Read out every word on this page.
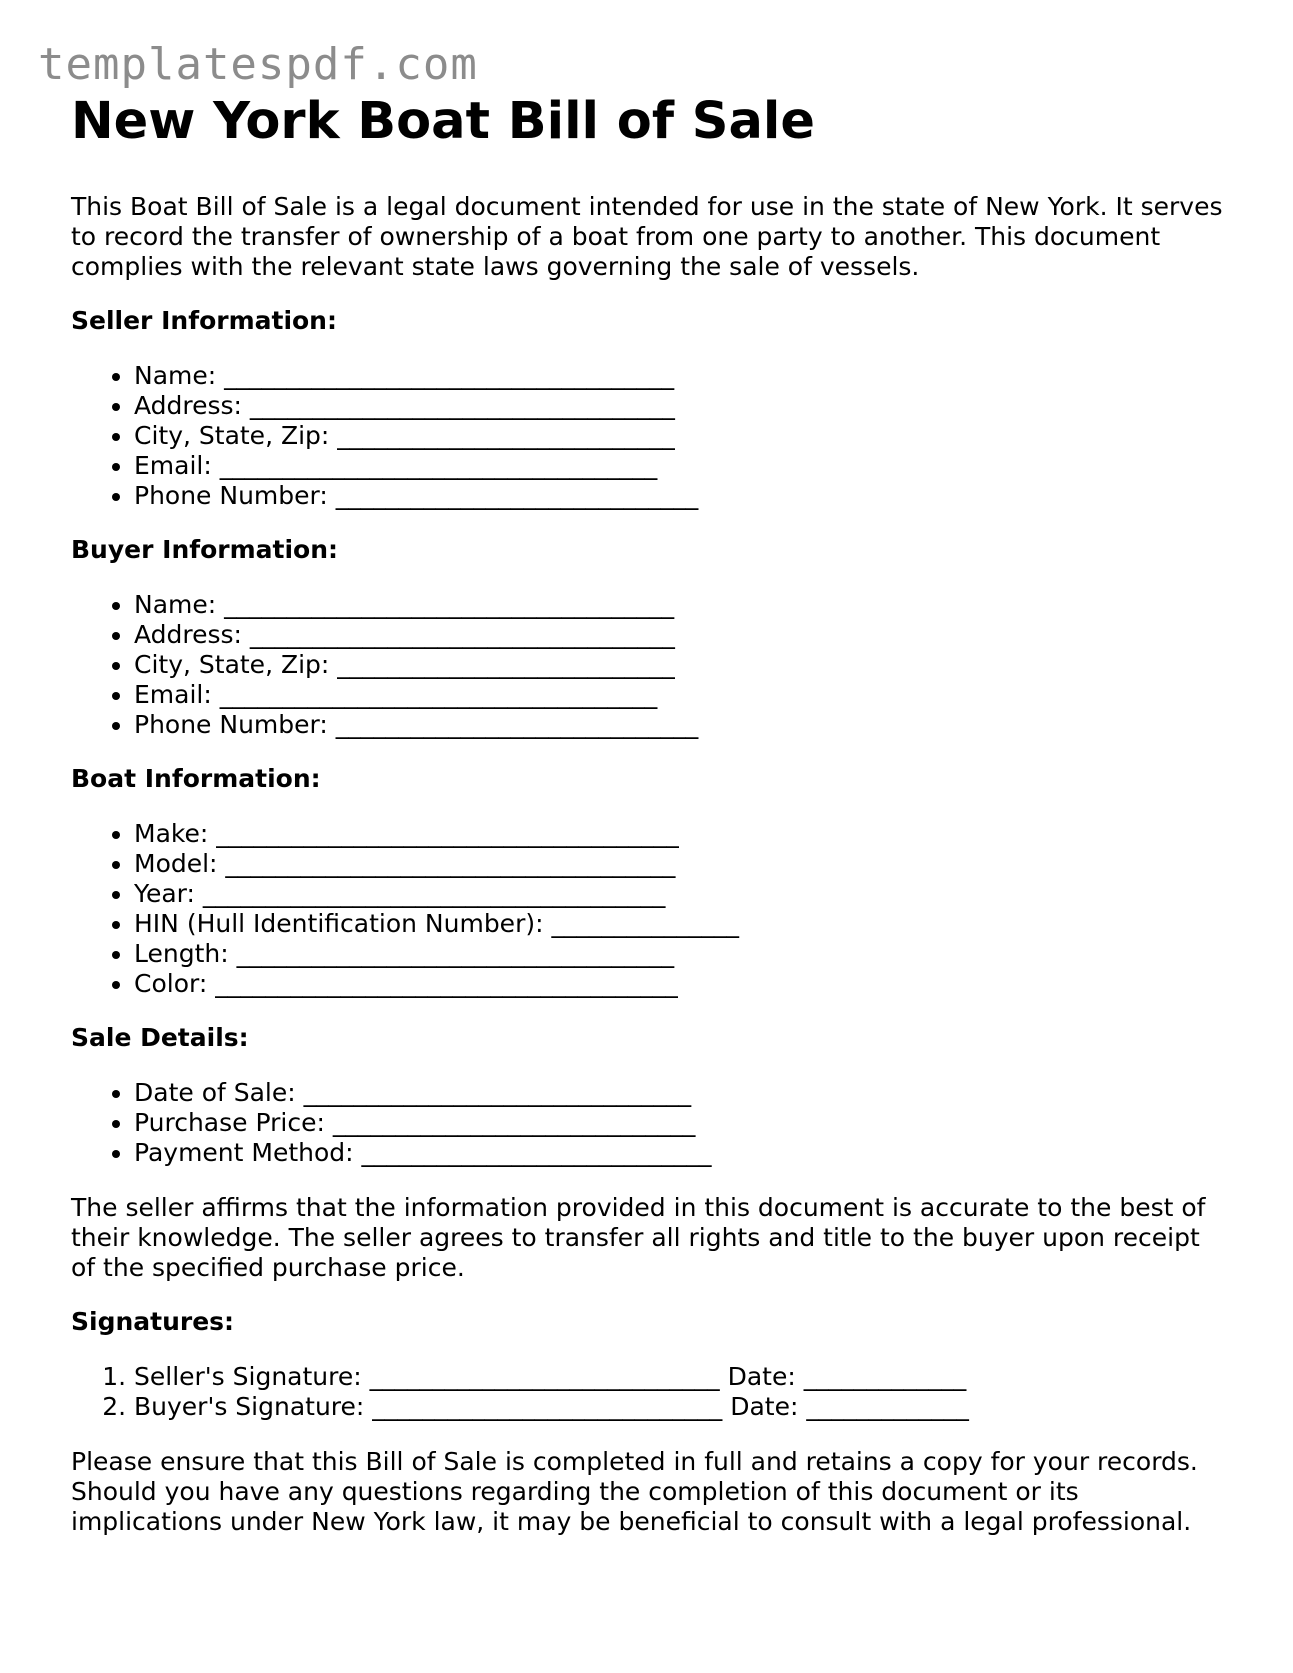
templatespdf.com
New York Boat Bill of Sale

This Boat Bill of Sale is a legal document intended for use in the state of New York. It serves to record the transfer of ownership of a boat from one party to another. This document complies with the relevant state laws governing the sale of vessels.

Seller Information:
• Name: ____________________________________
• Address: __________________________________
• City, State, Zip: ___________________________
• Email: ___________________________________
• Phone Number: _____________________________
Buyer Information:
• Name: ____________________________________
• Address: __________________________________
• City, State, Zip: ___________________________
• Email: ___________________________________
• Phone Number: _____________________________
Boat Information:
• Make: _____________________________________
• Model: ____________________________________
• Year: _____________________________________
• HIN (Hull Identification Number): _______________
• Length: ___________________________________
• Color: _____________________________________
Sale Details:
• Date of Sale: _______________________________
• Purchase Price: _____________________________
• Payment Method: ____________________________

The seller affirms that the information provided in this document is accurate to the best of their knowledge. The seller agrees to transfer all rights and title to the buyer upon receipt of the specified purchase price.

Signatures:
1. Seller's Signature: ____________________________ Date: _____________
2. Buyer's Signature: ____________________________ Date: _____________

Please ensure that this Bill of Sale is completed in full and retains a copy for your records. Should you have any questions regarding the completion of this document or its implications under New York law, it may be beneficial to consult with a legal professional.
